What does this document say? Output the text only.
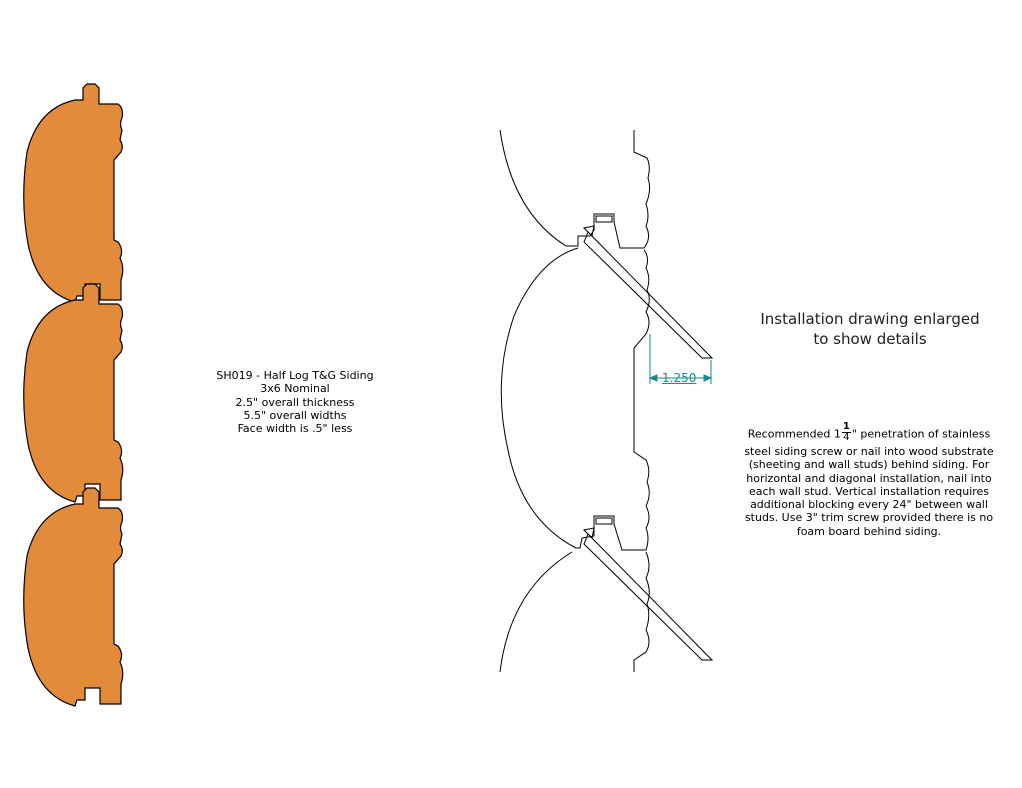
SH019 - Half Log T&G Siding
3x6 Nominal
2.5" overall thickness
5.5" overall widths
Face width is .5" less
1.250
Installation drawing enlarged
to show details
Recommended $1 \frac{1}{4}$ " penetration of stainless
steel siding screw or nail into wood substrate
(sheeting and wall studs) behind siding. For
horizontal and diagonal installation, nail into
each wall stud. Vertical installation requires
additional blocking every 24" between wall
studs. Use 3" trim screw provided there is no
foam board behind siding.
